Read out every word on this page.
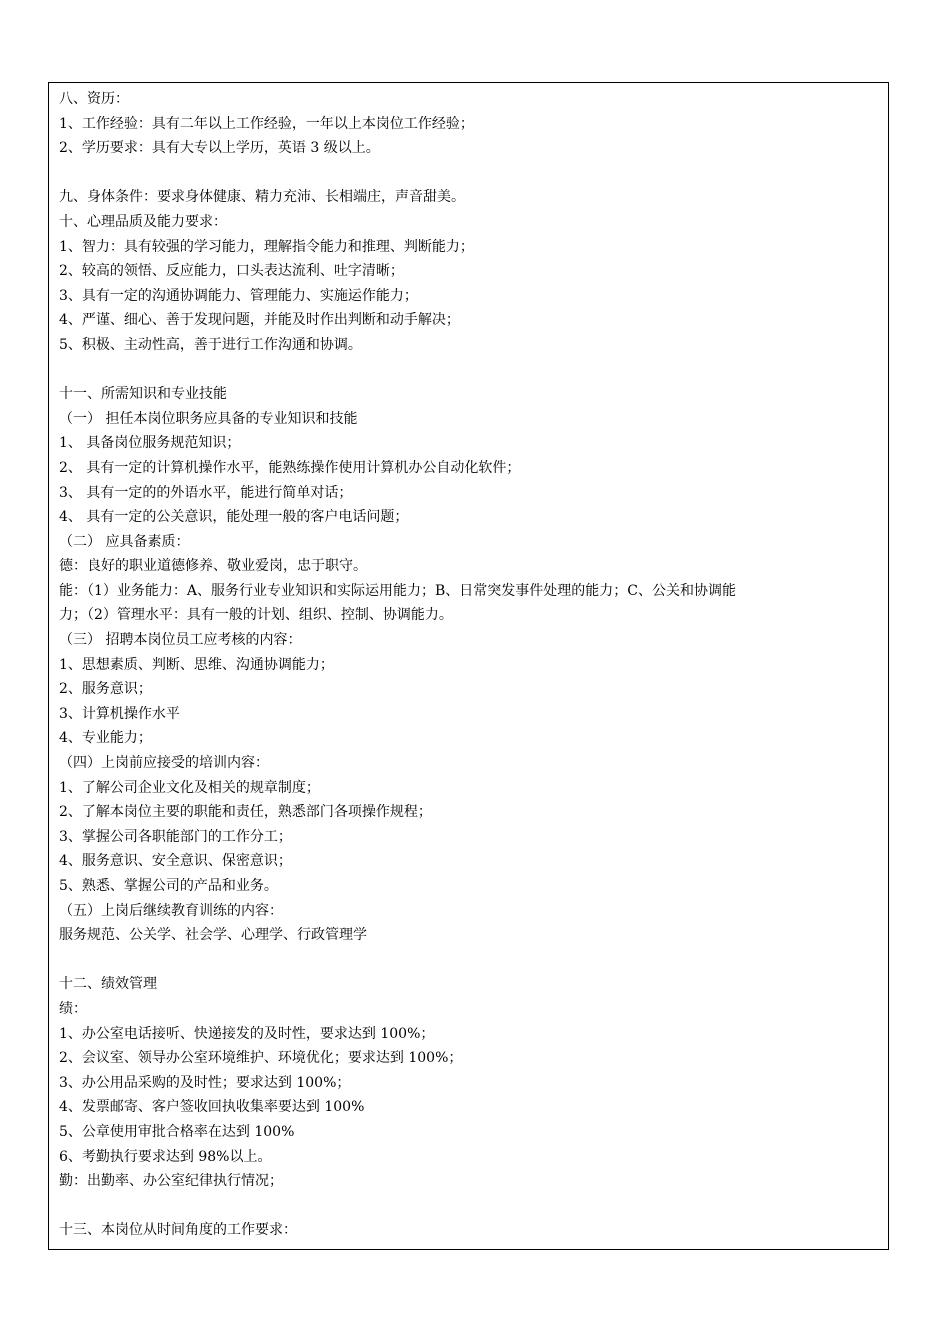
八、资历：

1、工作经验：具有二年以上工作经验，一年以上本岗位工作经验；

2、学历要求：具有大专以上学历，英语 3 级以上。

九、身体条件：要求身体健康、精力充沛、长相端庄，声音甜美。

十、心理品质及能力要求：

1、智力：具有较强的学习能力，理解指令能力和推理、判断能力；

2、较高的领悟、反应能力，口头表达流利、吐字清晰；

3、具有一定的沟通协调能力、管理能力、实施运作能力；

4、严谨、细心、善于发现问题，并能及时作出判断和动手解决；

5、积极、主动性高，善于进行工作沟通和协调。

十一、所需知识和专业技能

（一） 担任本岗位职务应具备的专业知识和技能

1、 具备岗位服务规范知识；

2、 具有一定的计算机操作水平，能熟练操作使用计算机办公自动化软件；

3、 具有一定的的外语水平，能进行简单对话；

4、 具有一定的公关意识，能处理一般的客户电话问题；

（二） 应具备素质：

德：良好的职业道德修养、敬业爱岗，忠于职守。

能：（1）业务能力：A、服务行业专业知识和实际运用能力；B、日常突发事件处理的能力；C、公关和协调能

力；（2）管理水平：具有一般的计划、组织、控制、协调能力。

（三） 招聘本岗位员工应考核的内容：

1、思想素质、判断、思维、沟通协调能力；

2、服务意识；

3、计算机操作水平

4、专业能力；

（四）上岗前应接受的培训内容：

1、了解公司企业文化及相关的规章制度；

2、了解本岗位主要的职能和责任，熟悉部门各项操作规程；

3、掌握公司各职能部门的工作分工；

4、服务意识、安全意识、保密意识；

5、熟悉、掌握公司的产品和业务。

（五）上岗后继续教育训练的内容：

服务规范、公关学、社会学、心理学、行政管理学

十二、绩效管理

绩：

1、办公室电话接听、快递接发的及时性，要求达到 100%；

2、会议室、领导办公室环境维护、环境优化；要求达到 100%；

3、办公用品采购的及时性；要求达到 100%；

4、发票邮寄、客户签收回执收集率要达到 100%

5、公章使用审批合格率在达到 100%

6、考勤执行要求达到 98%以上。

勤：出勤率、办公室纪律执行情况；

十三、本岗位从时间角度的工作要求：
